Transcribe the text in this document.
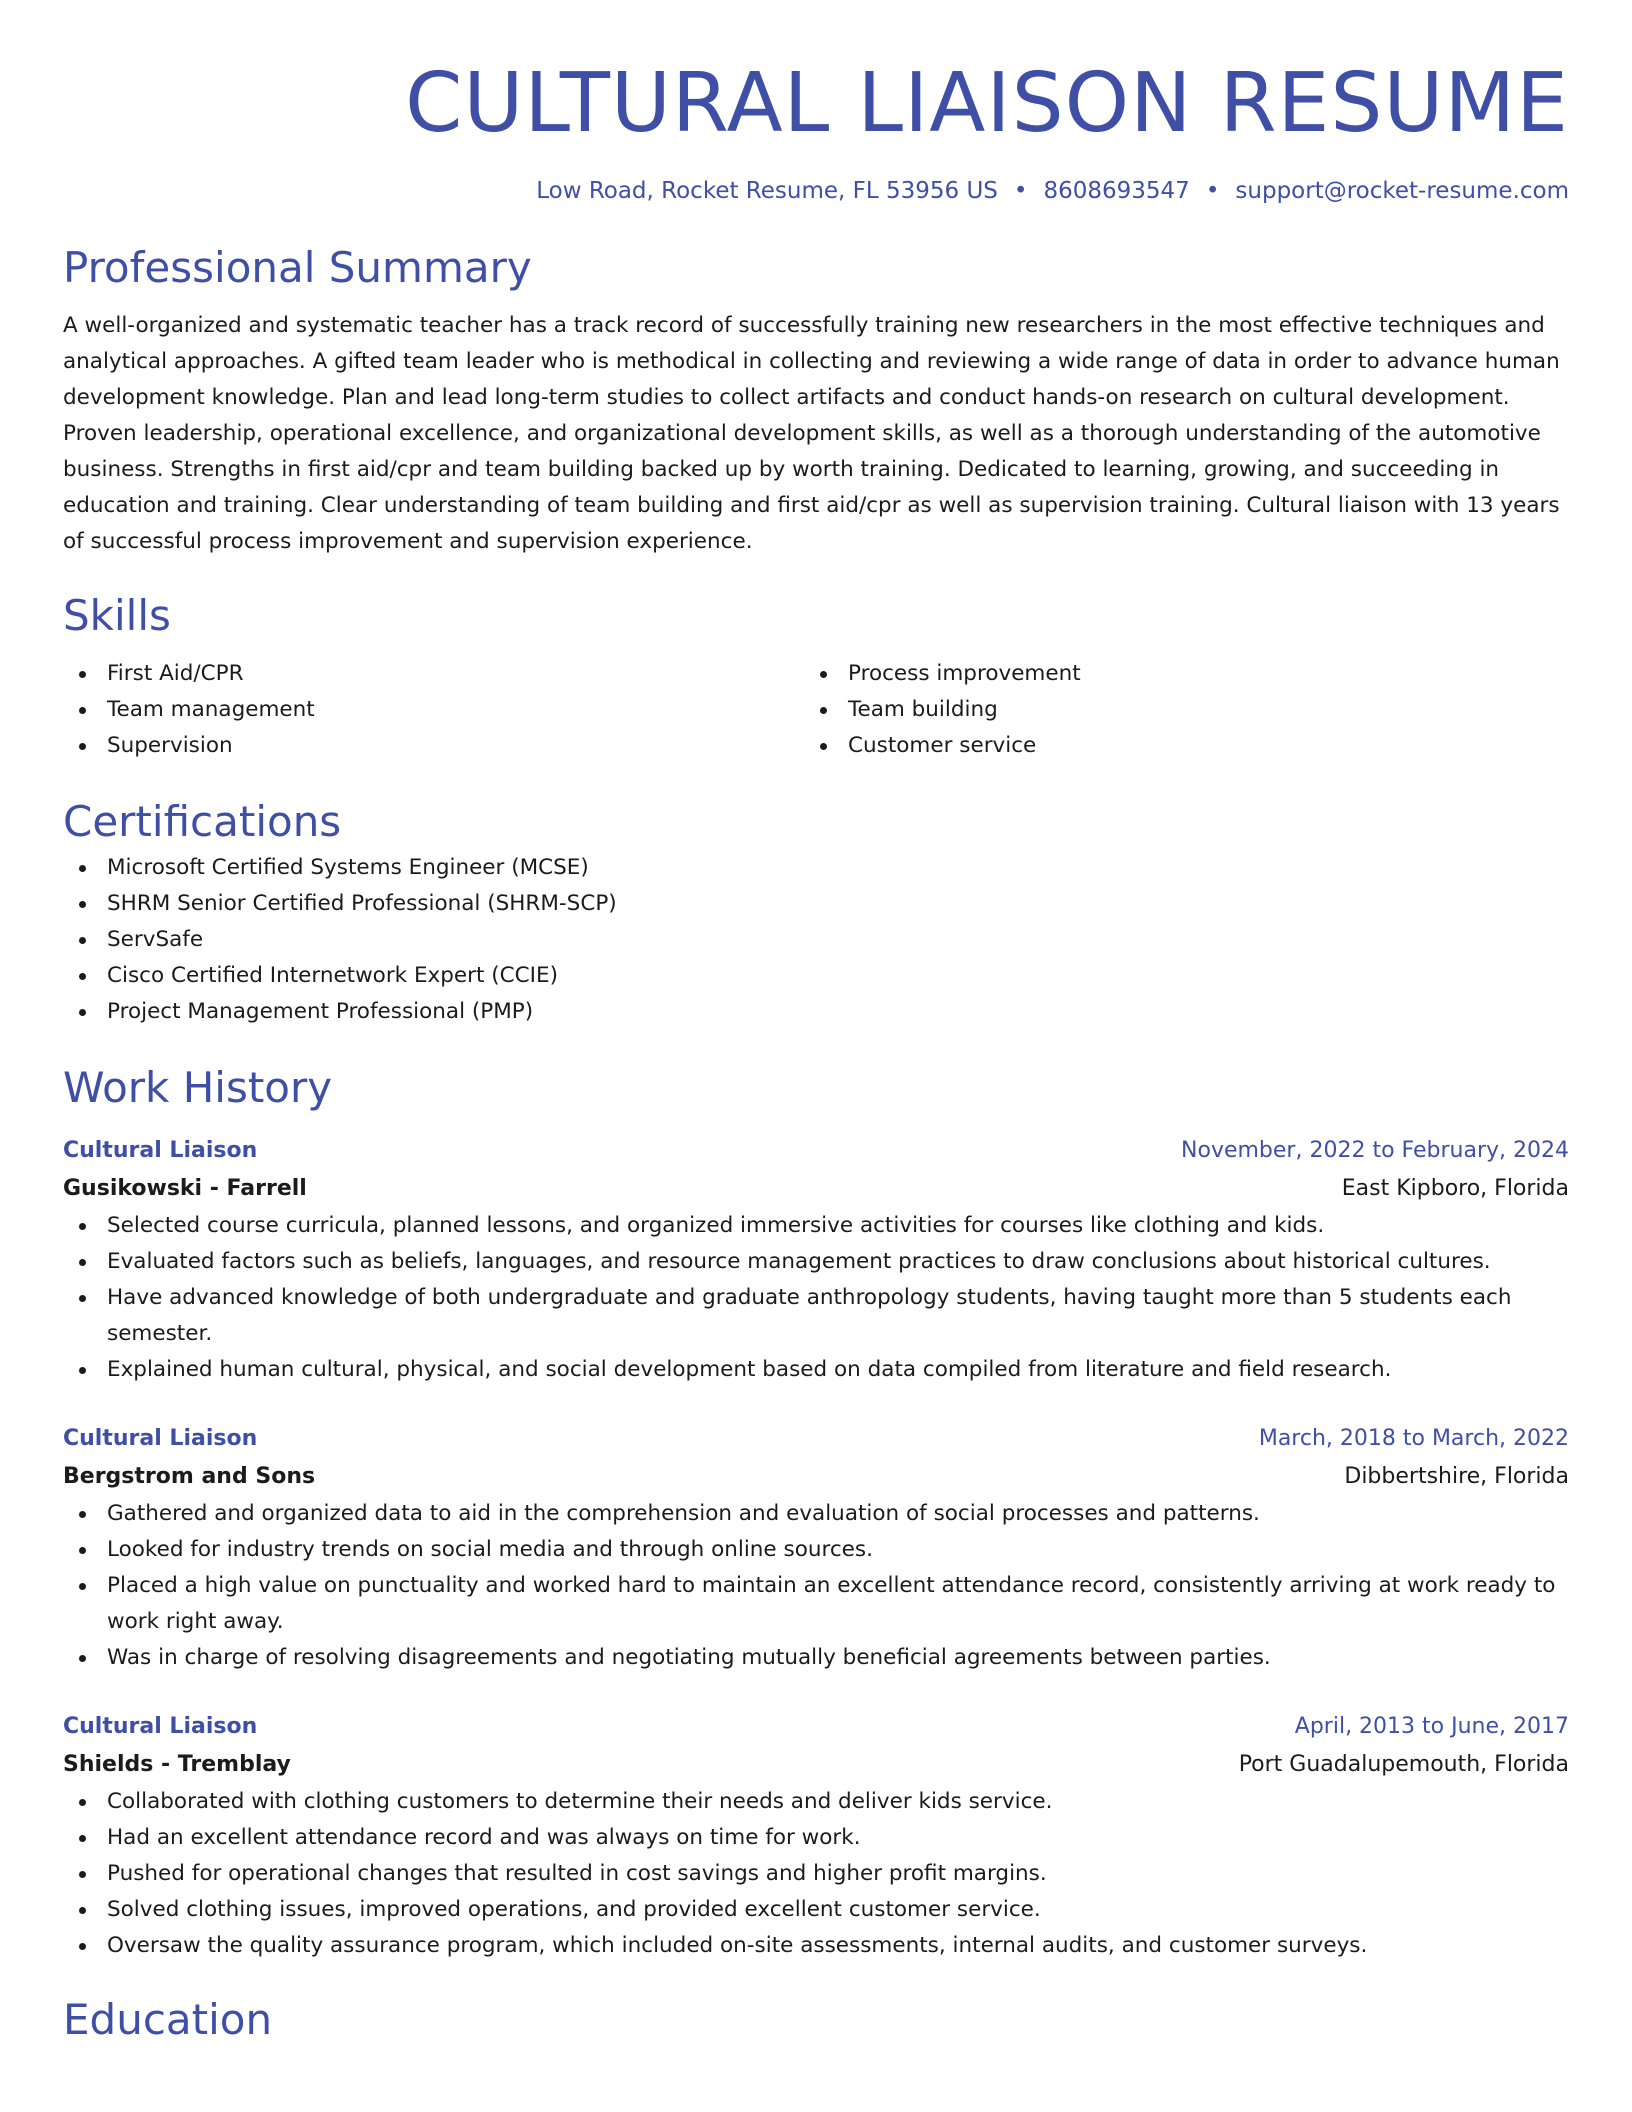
CULTURAL LIAISON RESUME
Low Road, Rocket Resume, FL 53956 US • 8608693547 • support@rocket-resume.com
Professional Summary

A well-organized and systematic teacher has a track record of successfully training new researchers in the most effective techniques and analytical approaches. A gifted team leader who is methodical in collecting and reviewing a wide range of data in order to advance human development knowledge. Plan and lead long-term studies to collect artifacts and conduct hands-on research on cultural development. Proven leadership, operational excellence, and organizational development skills, as well as a thorough understanding of the automotive business. Strengths in first aid/cpr and team building backed up by worth training. Dedicated to learning, growing, and succeeding in education and training. Clear understanding of team building and first aid/cpr as well as supervision training. Cultural liaison with 13 years of successful process improvement and supervision experience.

Skills
First Aid/CPR
Team management
Supervision
Process improvement
Team building
Customer service
Certifications
Microsoft Certified Systems Engineer (MCSE)
SHRM Senior Certified Professional (SHRM-SCP)
ServSafe
Cisco Certified Internetwork Expert (CCIE)
Project Management Professional (PMP)
Work History
Cultural Liaison	November, 2022 to February, 2024
Gusikowski - Farrell	East Kipboro, Florida
Selected course curricula, planned lessons, and organized immersive activities for courses like clothing and kids.
Evaluated factors such as beliefs, languages, and resource management practices to draw conclusions about historical cultures.
Have advanced knowledge of both undergraduate and graduate anthropology students, having taught more than 5 students each semester.
Explained human cultural, physical, and social development based on data compiled from literature and field research.
Cultural Liaison	March, 2018 to March, 2022
Bergstrom and Sons	Dibbertshire, Florida
Gathered and organized data to aid in the comprehension and evaluation of social processes and patterns.
Looked for industry trends on social media and through online sources.
Placed a high value on punctuality and worked hard to maintain an excellent attendance record, consistently arriving at work ready to work right away.
Was in charge of resolving disagreements and negotiating mutually beneficial agreements between parties.
Cultural Liaison	April, 2013 to June, 2017
Shields - Tremblay	Port Guadalupemouth, Florida
Collaborated with clothing customers to determine their needs and deliver kids service.
Had an excellent attendance record and was always on time for work.
Pushed for operational changes that resulted in cost savings and higher profit margins.
Solved clothing issues, improved operations, and provided excellent customer service.
Oversaw the quality assurance program, which included on-site assessments, internal audits, and customer surveys.
Education
